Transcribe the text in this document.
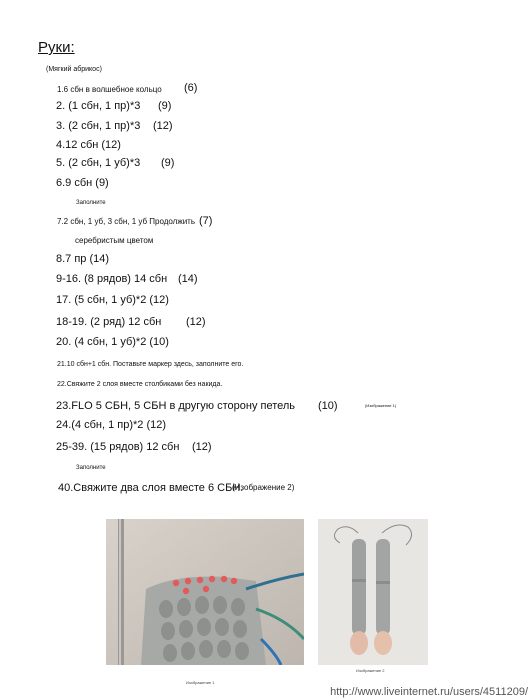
Руки:
(Мягкий абрикос)
1.6 сбн в волшебное кольцо (6)
2. (1 сбн, 1 пр)*3 (9)
3. (2 сбн, 1 пр)*3 (12)
4.12 сбн (12)
5. (2 сбн, 1 уб)*3 (9)
6.9 сбн (9)
Заполните
7.2 сбн, 1 уб, 3 сбн, 1 уб Продолжить (7)
серебристым цветом
8.7 пр (14)
9-16. (8 рядов) 14 сбн (14)
17. (5 сбн, 1 уб)*2 (12)
18-19. (2 ряд) 12 сбн (12)
20. (4 сбн, 1 уб)*2 (10)
21.10 сбн+1 сбн. Поставьте маркер здесь, заполните его.
22.Свяжите 2 слоя вместе столбиками без накида.
23.FLO 5 СБН, 5 СБН в другую сторону петель (10)	(Изображение 1)
24.(4 сбн, 1 пр)*2 (12)
25-39. (15 рядов) 12 сбн (12)
Заполните
40.Свяжите два слоя вместе 6 СБН.
(Изображение 2)
Изображение 1
Изображение 2
http://www.liveinternet.ru/users/4511209/
